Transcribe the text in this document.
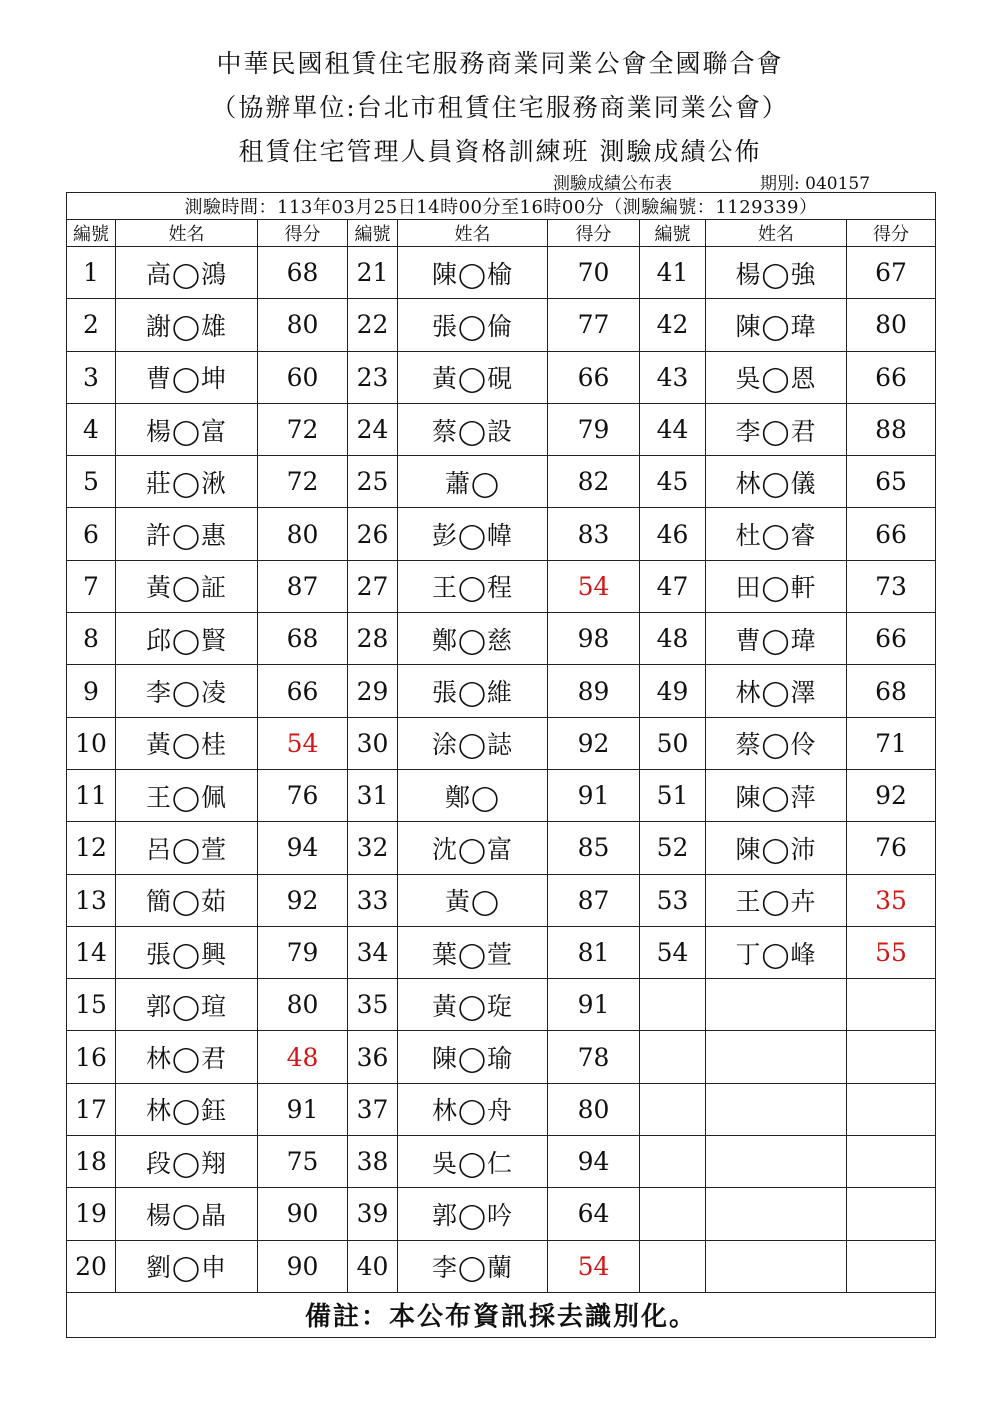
中華民國租賃住宅服務商業同業公會全國聯合會
（協辦單位:台北市租賃住宅服務商業同業公會）
租賃住宅管理人員資格訓練班 測驗成績公佈
測驗成績公布表	期別: 040157
測驗時間：113年03月25日14時00分至16時00分（測驗編號：1129339）								
編號	姓名	得分	編號	姓名	得分	編號	姓名	得分
1	高◯鴻	68	21	陳◯榆	70	41	楊◯強	67
2	謝◯雄	80	22	張◯倫	77	42	陳◯瑋	80
3	曹◯坤	60	23	黃◯硯	66	43	吳◯恩	66
4	楊◯富	72	24	蔡◯設	79	44	李◯君	88
5	莊◯湫	72	25	蕭◯	82	45	林◯儀	65
6	許◯惠	80	26	彭◯幃	83	46	杜◯睿	66
7	黃◯証	87	27	王◯程	54	47	田◯軒	73
8	邱◯賢	68	28	鄭◯慈	98	48	曹◯瑋	66
9	李◯凌	66	29	張◯維	89	49	林◯澤	68
10	黃◯桂	54	30	涂◯誌	92	50	蔡◯伶	71
11	王◯佩	76	31	鄭◯	91	51	陳◯萍	92
12	呂◯萱	94	32	沈◯富	85	52	陳◯沛	76
13	簡◯茹	92	33	黃◯	87	53	王◯卉	35
14	張◯興	79	34	葉◯萱	81	54	丁◯峰	55
15	郭◯瑄	80	35	黃◯琁	91			
16	林◯君	48	36	陳◯瑜	78			
17	林◯鈺	91	37	林◯舟	80			
18	段◯翔	75	38	吳◯仁	94			
19	楊◯晶	90	39	郭◯吟	64			
20	劉◯申	90	40	李◯蘭	54			
備註：本公布資訊採去識別化。								
